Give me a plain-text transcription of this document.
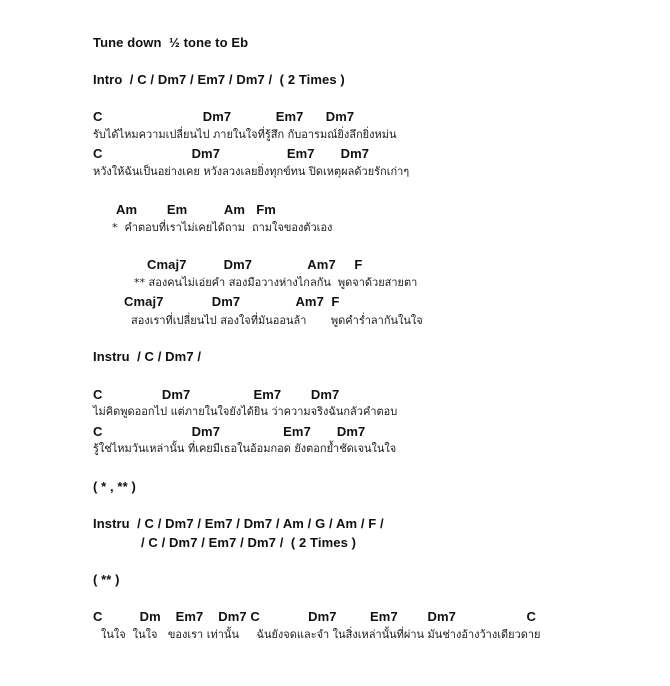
Tune down  ½ tone to Eb
Intro  / C / Dm7 / Em7 / Dm7 /  ( 2 Times )
C                           Dm7            Em7      Dm7
รับได้ไหมความเปลี่ยนไป ภายในใจที่รู้สึก กับอารมณ์ยิ่งลึกยิ่งหม่น
C                        Dm7                  Em7       Dm7
หวังให้ฉันเป็นอย่างเคย หวังลวงเลยยิ่งทุกข์ทน ปิดเหตุผลด้วยรักเก่าๆ
Am        Em          Am   Fm
*  คำตอบที่เราไม่เคยได้ถาม  ถามใจของตัวเอง
Cmaj7          Dm7               Am7     F
** สองคนไม่เอ่ยคำ สองมือวางห่างไกลกัน  พูดจาด้วยสายตา
Cmaj7             Dm7               Am7  F
สองเราที่เปลี่ยนไป สองใจที่มันออนล้า       พูดคำร่ำลากันในใจ
Instru  / C / Dm7 /
C                Dm7                 Em7        Dm7
ไม่คิดพูดออกไป แต่ภายในใจยังได้ยิน ว่าความจริงฉันกลัวคำตอบ
C                        Dm7                 Em7       Dm7
รู้ใช่ไหมวันเหล่านั้น ที่เคยมีเธอในอ้อมกอด ยังตอกย้ำชัดเจนในใจ
( * , ** )
Instru  / C / Dm7 / Em7 / Dm7 / Am / G / Am / F /
/ C / Dm7 / Em7 / Dm7 /  ( 2 Times )
( ** )
C          Dm    Em7    Dm7 C             Dm7         Em7        Dm7                   C
ในใจ  ในใจ   ของเรา เท่านั้น     ฉันยังจดและจำ ในสิ่งเหล่านั้นที่ผ่าน มันช่างอ้างว้างเดียวดาย
